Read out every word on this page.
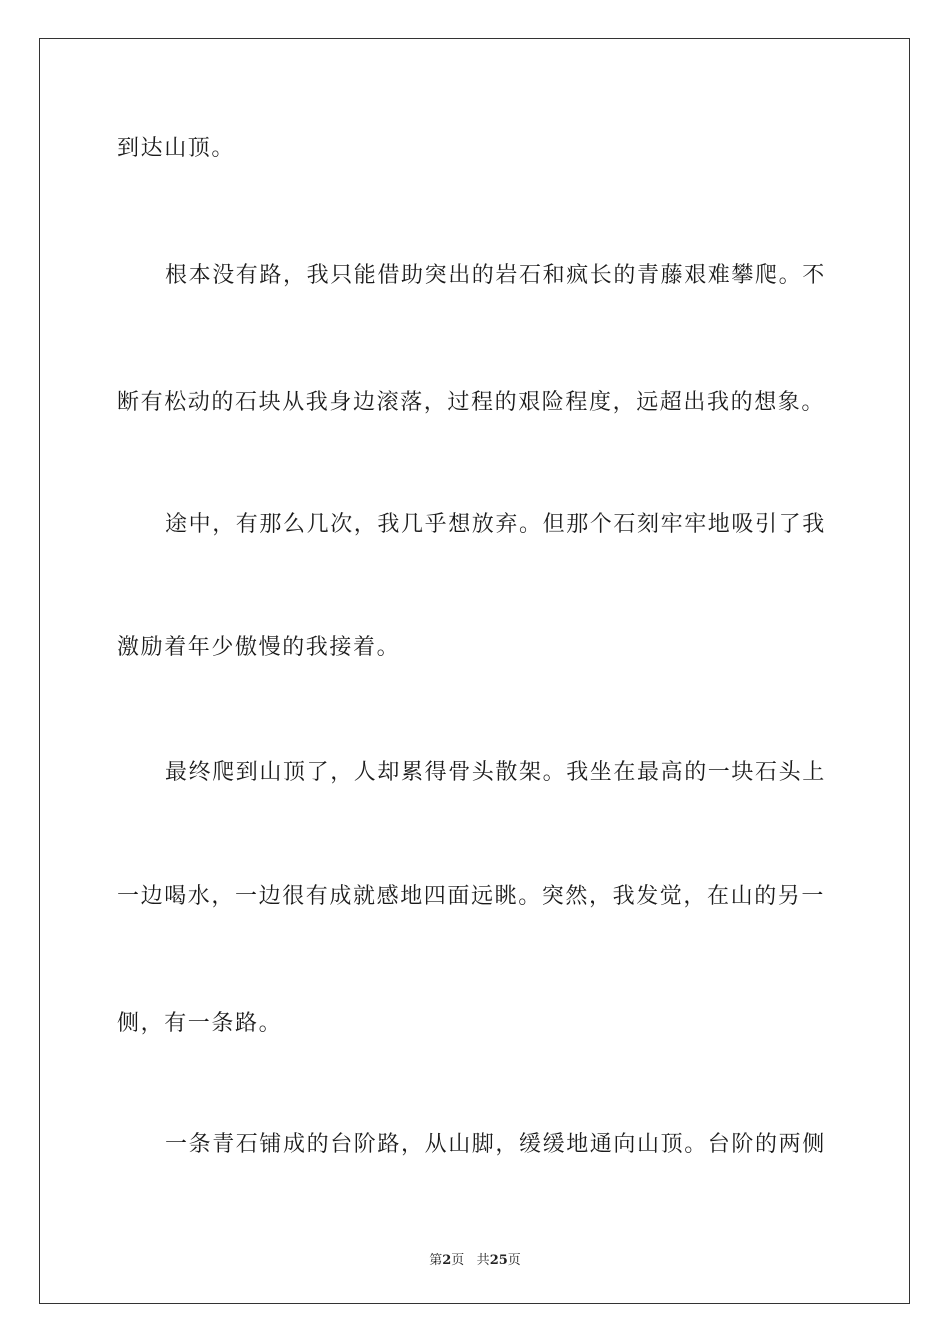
到达山顶。
根本没有路，我只能借助突出的岩石和疯长的青藤艰难攀爬。不
断有松动的石块从我身边滚落，过程的艰险程度，远超出我的想象。
途中，有那么几次，我几乎想放弃。但那个石刻牢牢地吸引了我
激励着年少傲慢的我接着。
最终爬到山顶了，人却累得骨头散架。我坐在最高的一块石头上
一边喝水，一边很有成就感地四面远眺。突然，我发觉，在山的另一
侧，有一条路。
一条青石铺成的台阶路，从山脚，缓缓地通向山顶。台阶的两侧
第2页 共25页
